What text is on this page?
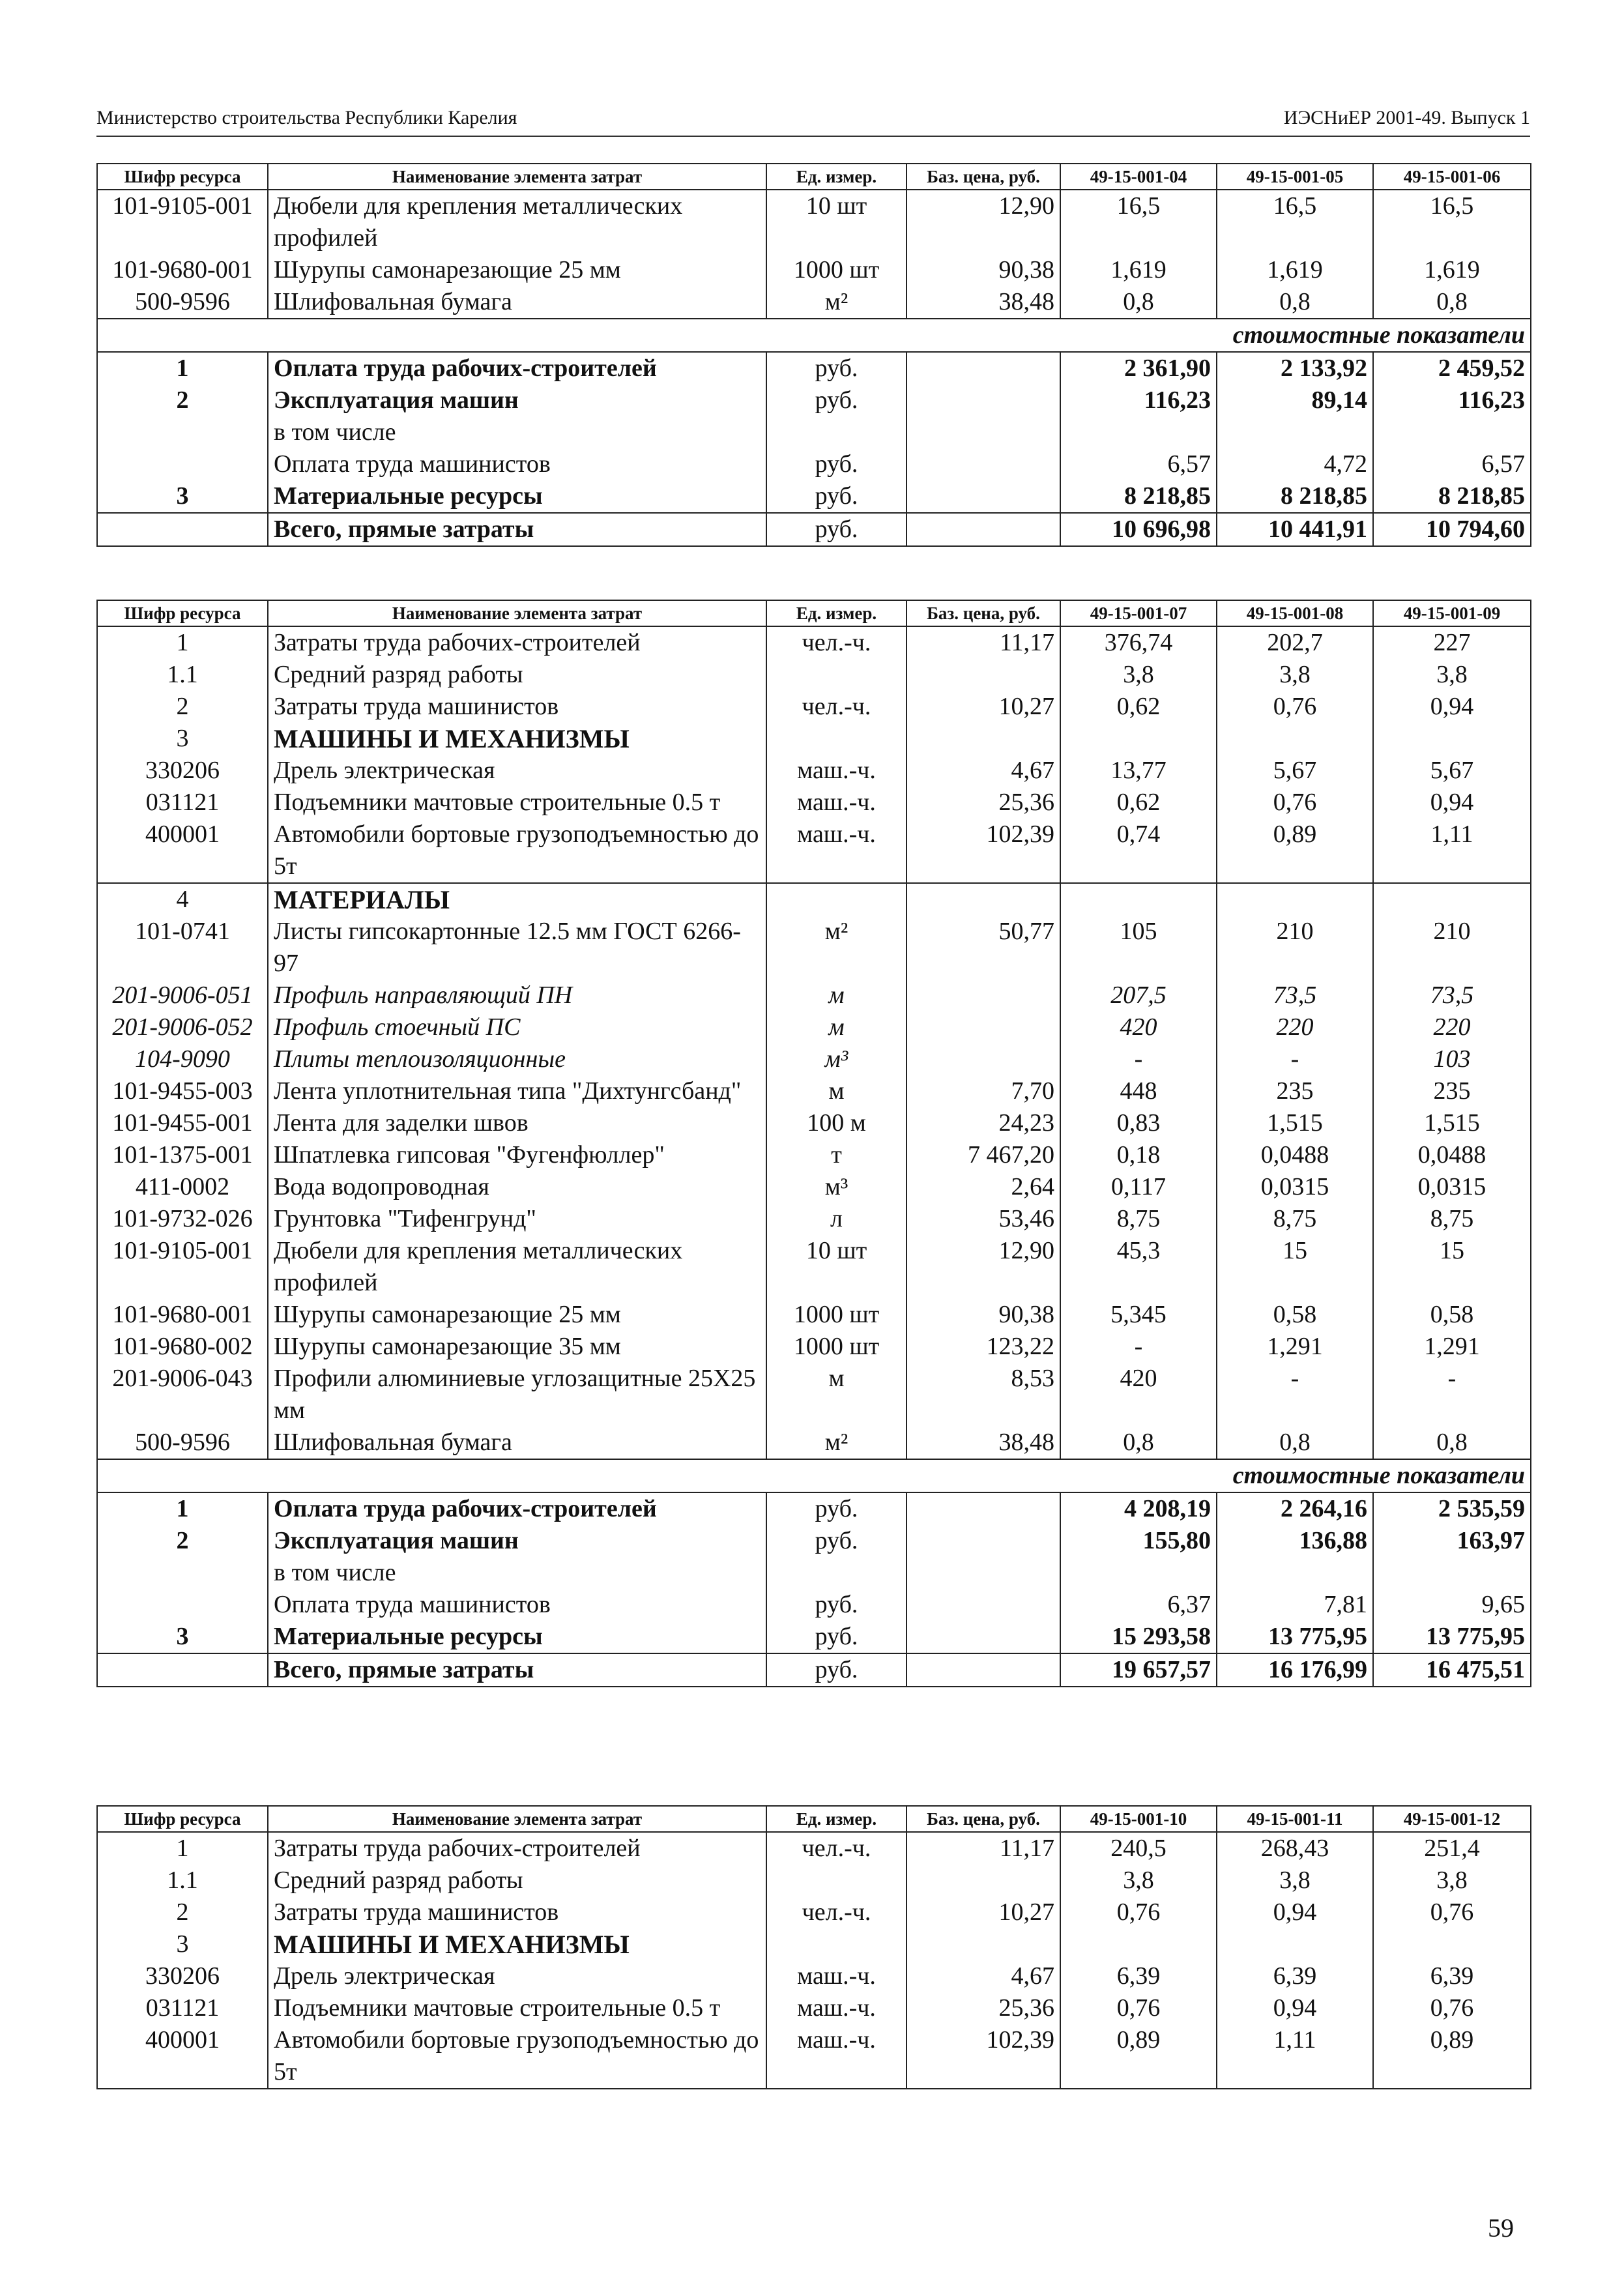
Министерство строительства Республики Карелия	ИЭСНиЕР 2001-49. Выпуск 1
Шифр ресурса	Наименование элемента затрат	Ед. измер.	Баз. цена, руб.	49-15-001-04	49-15-001-05	49-15-001-06
101-9105-001	Дюбели для крепления металлических профилей	10 шт	12,90	16,5	16,5	16,5
101-9680-001	Шурупы самонарезающие 25 мм	1000 шт	90,38	1,619	1,619	1,619
500-9596	Шлифовальная бумага	м²	38,48	0,8	0,8	0,8
стоимостные показатели						
1	Оплата труда рабочих-строителей	руб.		2 361,90	2 133,92	2 459,52
2	Эксплуатация машин	руб.		116,23	89,14	116,23
	в том числе					
	Оплата труда машинистов	руб.		6,57	4,72	6,57
3	Материальные ресурсы	руб.		8 218,85	8 218,85	8 218,85
	Всего, прямые затраты	руб.		10 696,98	10 441,91	10 794,60
Шифр ресурса	Наименование элемента затрат	Ед. измер.	Баз. цена, руб.	49-15-001-07	49-15-001-08	49-15-001-09
1	Затраты труда рабочих-строителей	чел.-ч.	11,17	376,74	202,7	227
1.1	Средний разряд работы			3,8	3,8	3,8
2	Затраты труда машинистов	чел.-ч.	10,27	0,62	0,76	0,94
3	МАШИНЫ И МЕХАНИЗМЫ					
330206	Дрель электрическая	маш.-ч.	4,67	13,77	5,67	5,67
031121	Подъемники мачтовые строительные 0.5 т	маш.-ч.	25,36	0,62	0,76	0,94
400001	Автомобили бортовые грузоподъемностью до 5т	маш.-ч.	102,39	0,74	0,89	1,11
4	МАТЕРИАЛЫ					
101-0741	Листы гипсокартонные 12.5 мм ГОСТ 6266-97	м²	50,77	105	210	210
201-9006-051	Профиль направляющий ПН	м		207,5	73,5	73,5
201-9006-052	Профиль стоечный ПС	м		420	220	220
104-9090	Плиты теплоизоляционные	м³		-	-	103
101-9455-003	Лента уплотнительная типа "Дихтунгсбанд"	м	7,70	448	235	235
101-9455-001	Лента для заделки швов	100 м	24,23	0,83	1,515	1,515
101-1375-001	Шпатлевка гипсовая "Фугенфюллер"	т	7 467,20	0,18	0,0488	0,0488
411-0002	Вода водопроводная	м³	2,64	0,117	0,0315	0,0315
101-9732-026	Грунтовка "Тифенгрунд"	л	53,46	8,75	8,75	8,75
101-9105-001	Дюбели для крепления металлических профилей	10 шт	12,90	45,3	15	15
101-9680-001	Шурупы самонарезающие 25 мм	1000 шт	90,38	5,345	0,58	0,58
101-9680-002	Шурупы самонарезающие 35 мм	1000 шт	123,22	-	1,291	1,291
201-9006-043	Профили алюминиевые углозащитные 25X25 мм	м	8,53	420	-	-
500-9596	Шлифовальная бумага	м²	38,48	0,8	0,8	0,8
стоимостные показатели						
1	Оплата труда рабочих-строителей	руб.		4 208,19	2 264,16	2 535,59
2	Эксплуатация машин	руб.		155,80	136,88	163,97
	в том числе					
	Оплата труда машинистов	руб.		6,37	7,81	9,65
3	Материальные ресурсы	руб.		15 293,58	13 775,95	13 775,95
	Всего, прямые затраты	руб.		19 657,57	16 176,99	16 475,51
Шифр ресурса	Наименование элемента затрат	Ед. измер.	Баз. цена, руб.	49-15-001-10	49-15-001-11	49-15-001-12
1	Затраты труда рабочих-строителей	чел.-ч.	11,17	240,5	268,43	251,4
1.1	Средний разряд работы			3,8	3,8	3,8
2	Затраты труда машинистов	чел.-ч.	10,27	0,76	0,94	0,76
3	МАШИНЫ И МЕХАНИЗМЫ					
330206	Дрель электрическая	маш.-ч.	4,67	6,39	6,39	6,39
031121	Подъемники мачтовые строительные 0.5 т	маш.-ч.	25,36	0,76	0,94	0,76
400001	Автомобили бортовые грузоподъемностью до 5т	маш.-ч.	102,39	0,89	1,11	0,89
59
